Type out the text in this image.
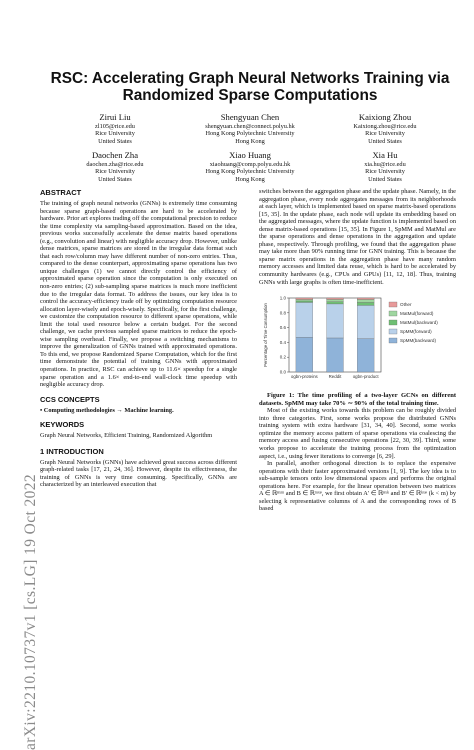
arXiv:2210.10737v1 [cs.LG] 19 Oct 2022
RSC: Accelerating Graph Neural Networks Training via
Randomized Sparse Computations
Zirui Liu
zl105@rice.edu
Rice University
United States
Shengyuan Chen
shengyuan.chen@connect.polyu.hk
Hong Kong Polytechnic University
Hong Kong
Kaixiong Zhou
Kaixiong.zhou@rice.edu
Rice University
United States
Daochen Zha
daochen.zha@rice.edu
Rice University
United States
Xiao Huang
xiaohuang@comp.polyu.edu.hk
Hong Kong Polytechnic University
Hong Kong
Xia Hu
xia.hu@rice.edu
Rice University
United States
ABSTRACT

The training of graph neural networks (GNNs) is extremely time consuming because sparse graph-based operations are hard to be accelerated by hardware. Prior art explores trading off the computational precision to reduce the time complexity via sampling-based approximation. Based on the idea, previous works successfully accelerate the dense matrix based operations (e.g., convolution and linear) with negligible accuracy drop. However, unlike dense matrices, sparse matrices are stored in the irregular data format such that each row/column may have different number of non-zero entries. Thus, compared to the dense counterpart, approximating sparse operations has two unique challenges (1) we cannot directly control the efficiency of approximated sparse operation since the computation is only executed on non-zero entries; (2) sub-sampling sparse matrices is much more inefficient due to the irregular data format. To address the issues, our key idea is to control the accuracy-efficiency trade off by optimizing computation resource allocation layer-wisely and epoch-wisely. Specifically, for the first challenge, we customize the computation resource to different sparse operations, while limit the total used resource below a certain budget. For the second challenge, we cache previous sampled sparse matrices to reduce the epoch-wise sampling overhead. Finally, we propose a switching mechanisms to improve the generalization of GNNs trained with approximated operations. To this end, we propose Randomized Sparse Computation, which for the first time demonstrate the potential of training GNNs with approximated operations. In practice, RSC can achieve up to 11.6× speedup for a single sparse operation and a 1.6× end-to-end wall-clock time speedup with negligible accuracy drop.

CCS CONCEPTS

• Computing methodologies → Machine learning.

KEYWORDS

Graph Neural Networks, Efficient Training, Randomized Algorithm

1 INTRODUCTION

Graph Neural Networks (GNNs) have achieved great success across different graph-related tasks [17, 21, 24, 36]. However, despite its effectiveness, the training of GNNs is very time consuming. Specifically, GNNs are characterized by an interleaved execution that

switches between the aggregation phase and the update phase. Namely, in the aggregation phase, every node aggregates messages from its neighborhoods at each layer, which is implemented based on sparse matrix-based operations [15, 35]. In the update phase, each node will update its embedding based on the aggregated messages, where the update function is implemented based on dense matrix-based operations [15, 35]. In Figure 1, SpMM and MatMul are the sparse operations and dense operations in the aggregation and update phase, respectively. Through profiling, we found that the aggregation phase may take more than 90% running time for GNN training. This is because the sparse matrix operations in the aggregation phase have many random memory accesses and limited data reuse, which is hard to be accelerated by community hardwares (e.g., CPUs and GPUs) [11, 12, 18]. Thus, training GNNs with large graphs is often time-inefficient.

0.0
0.2
0.4
0.6
0.8
1.0
Percentage of Time Consumption
ogbn-proteins Reddit	ogbn-product
Other
MatMul(forward)
MatMul(backward)
SpMM(forward)
SpMM(backward)

Figure 1: The time profiling of a two-layer GCNs on different datasets. SpMM may take 70% ∼ 90% of the total training time.

Most of the existing works towards this problem can be roughly divided into three categories. First, some works propose the distributed GNNs training system with extra hardware [31, 34, 40]. Second, some works optimize the memory access pattern of sparse operations via coalescing the memory access and fusing consecutive operations [22, 30, 39]. Third, some works propose to accelerate the training process from the optimization aspect, i.e., using fewer iterations to converge [6, 29].

In parallel, another orthogonal direction is to replace the expensive operations with their faster approximated versions [1, 9]. The key idea is to sub-sample tensors onto low dimensional spaces and performs the original operations here. For example, for the linear operation between two matrices A ∈ ℝⁿˣᵐ and B ∈ ℝᵐˣᵠ, we first obtain A′ ∈ ℝⁿˣᵏ and B′ ∈ ℝᵏˣᵠ (k < m) by selecting k representative columns of A and the corresponding rows of B based
